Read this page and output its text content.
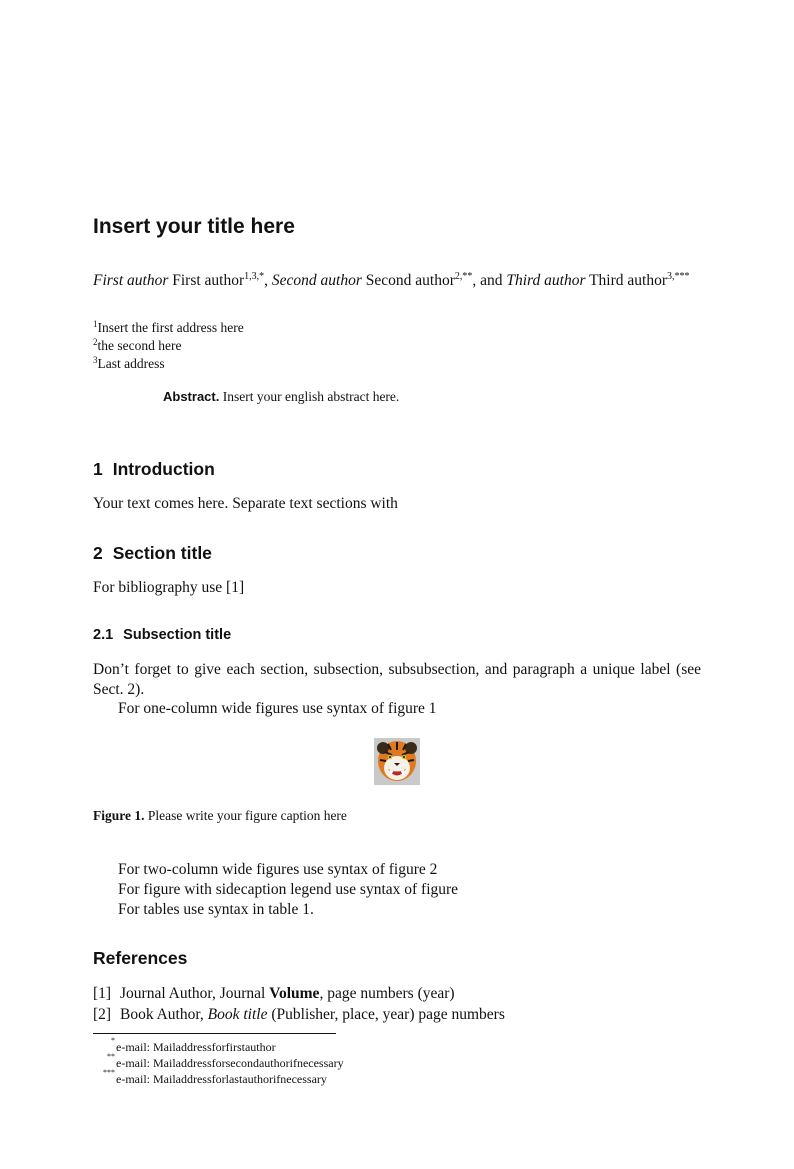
Insert your title here
First author First author$^{1,3,*}$, Second author Second author$^{2,**}$, and Third author Third author$^{3,***}$
$^1$Insert the first address here
$^2$the second here
$^3$Last address
Abstract. Insert your english abstract here.
1 Introduction
Your text comes here. Separate text sections with
2 Section title
For bibliography use [1]
2.1 Subsection title
Don’t forget to give each section, subsection, subsubsection, and paragraph a unique label (see Sect. 2).
For one-column wide figures use syntax of figure 1
Figure 1. Please write your figure caption here
For two-column wide figures use syntax of figure 2
For figure with sidecaption legend use syntax of figure
For tables use syntax in table 1.
References
[1] Journal Author, Journal Volume, page numbers (year)
[2] Book Author, Book title (Publisher, place, year) page numbers
* e-mail: Mailaddressforfirstauthor
** e-mail: Mailaddressforsecondauthorifnecessary
*** e-mail: Mailaddressforlastauthorifnecessary
